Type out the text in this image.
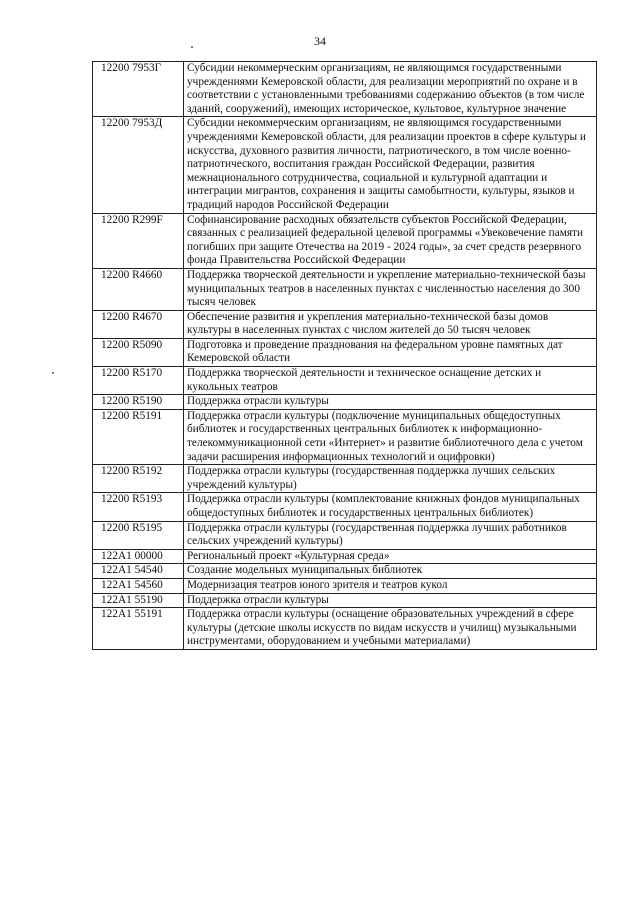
34
12200 7953Г	Субсидии некоммерческим организациям, не являющимся государственными учреждениями Кемеровской области, для реализации мероприятий по охране и в соответствии с установленными требованиями содержанию объектов (в том числе зданий, сооружений), имеющих историческое, культовое, культурное значение
12200 7953Д	Субсидии некоммерческим организациям, не являющимся государственными учреждениями Кемеровской области, для реализации проектов в сфере культуры и искусства, духовного развития личности, патриотического, в том числе военно-патриотического, воспитания граждан Российской Федерации, развития межнационального сотрудничества, социальной и культурной адаптации и интеграции мигрантов, сохранения и защиты самобытности, культуры, языков и традиций народов Российской Федерации
12200 R299F	Софинансирование расходных обязательств субъектов Российской Федерации, связанных с реализацией федеральной целевой программы «Увековечение памяти погибших при защите Отечества на 2019 - 2024 годы», за счет средств резервного фонда Правительства Российской Федерации
12200 R4660	Поддержка творческой деятельности и укрепление материально-технической базы муниципальных театров в населенных пунктах с численностью населения до 300 тысяч человек
12200 R4670	Обеспечение развития и укрепления материально-технической базы домов культуры в населенных пунктах с числом жителей до 50 тысяч человек
12200 R5090	Подготовка и проведение празднования на федеральном уровне памятных дат Кемеровской области
12200 R5170	Поддержка творческой деятельности и техническое оснащение детских и кукольных театров
12200 R5190	Поддержка отрасли культуры
12200 R5191	Поддержка отрасли культуры (подключение муниципальных общедоступных библиотек и государственных центральных библиотек к информационно-телекоммуникационной сети «Интернет» и развитие библиотечного дела с учетом задачи расширения информационных технологий и оцифровки)
12200 R5192	Поддержка отрасли культуры (государственная поддержка лучших сельских учреждений культуры)
12200 R5193	Поддержка отрасли культуры (комплектование книжных фондов муниципальных общедоступных библиотек и государственных центральных библиотек)
12200 R5195	Поддержка отрасли культуры (государственная поддержка лучших работников сельских учреждений культуры)
122A1 00000	Региональный проект «Культурная среда»
122A1 54540	Создание модельных муниципальных библиотек
122A1 54560	Модернизация театров юного зрителя и театров кукол
122A1 55190	Поддержка отрасли культуры
122A1 55191	Поддержка отрасли культуры (оснащение образовательных учреждений в сфере культуры (детские школы искусств по видам искусств и училищ) музыкальными инструментами, оборудованием и учебными материалами)
